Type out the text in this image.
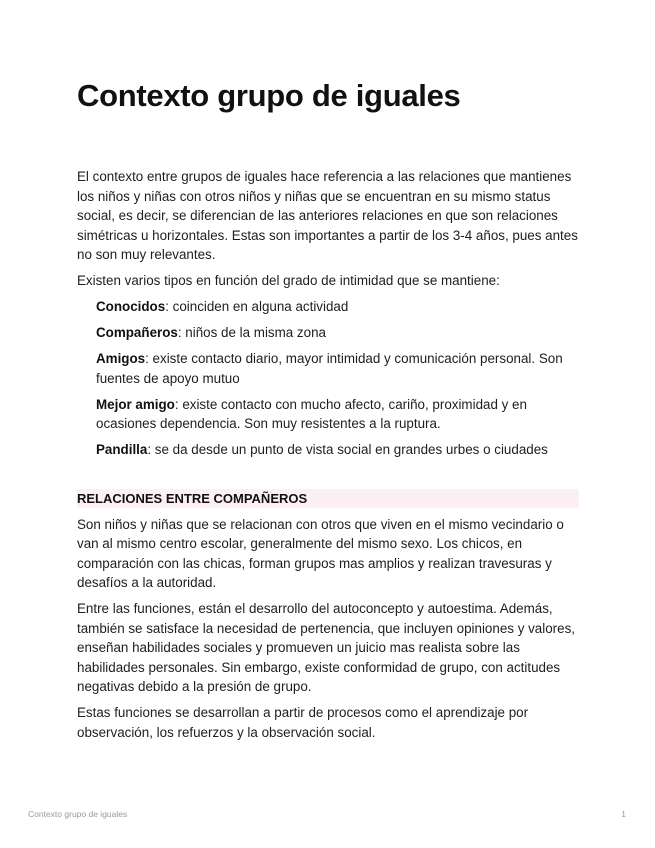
Contexto grupo de iguales

El contexto entre grupos de iguales hace referencia a las relaciones que mantienes los niños y niñas con otros niños y niñas que se encuentran en su mismo status social, es decir, se diferencian de las anteriores relaciones en que son relaciones simétricas u horizontales. Estas son importantes a partir de los 3-4 años, pues antes no son muy relevantes.

Existen varios tipos en función del grado de intimidad que se mantiene:

Conocidos: coinciden en alguna actividad
Compañeros: niños de la misma zona
Amigos: existe contacto diario, mayor intimidad y comunicación personal. Son fuentes de apoyo mutuo
Mejor amigo: existe contacto con mucho afecto, cariño, proximidad y en ocasiones dependencia. Son muy resistentes a la ruptura.
Pandilla: se da desde un punto de vista social en grandes urbes o ciudades
RELACIONES ENTRE COMPAÑEROS

Son niños y niñas que se relacionan con otros que viven en el mismo vecindario o van al mismo centro escolar, generalmente del mismo sexo. Los chicos, en comparación con las chicas, forman grupos mas amplios y realizan travesuras y desafíos a la autoridad.

Entre las funciones, están el desarrollo del autoconcepto y autoestima. Además, también se satisface la necesidad de pertenencia, que incluyen opiniones y valores, enseñan habilidades sociales y promueven un juicio mas realista sobre las habilidades personales. Sin embargo, existe conformidad de grupo, con actitudes negativas debido a la presión de grupo.

Estas funciones se desarrollan a partir de procesos como el aprendizaje por observación, los refuerzos y la observación social.

Contexto grupo de iguales	1
